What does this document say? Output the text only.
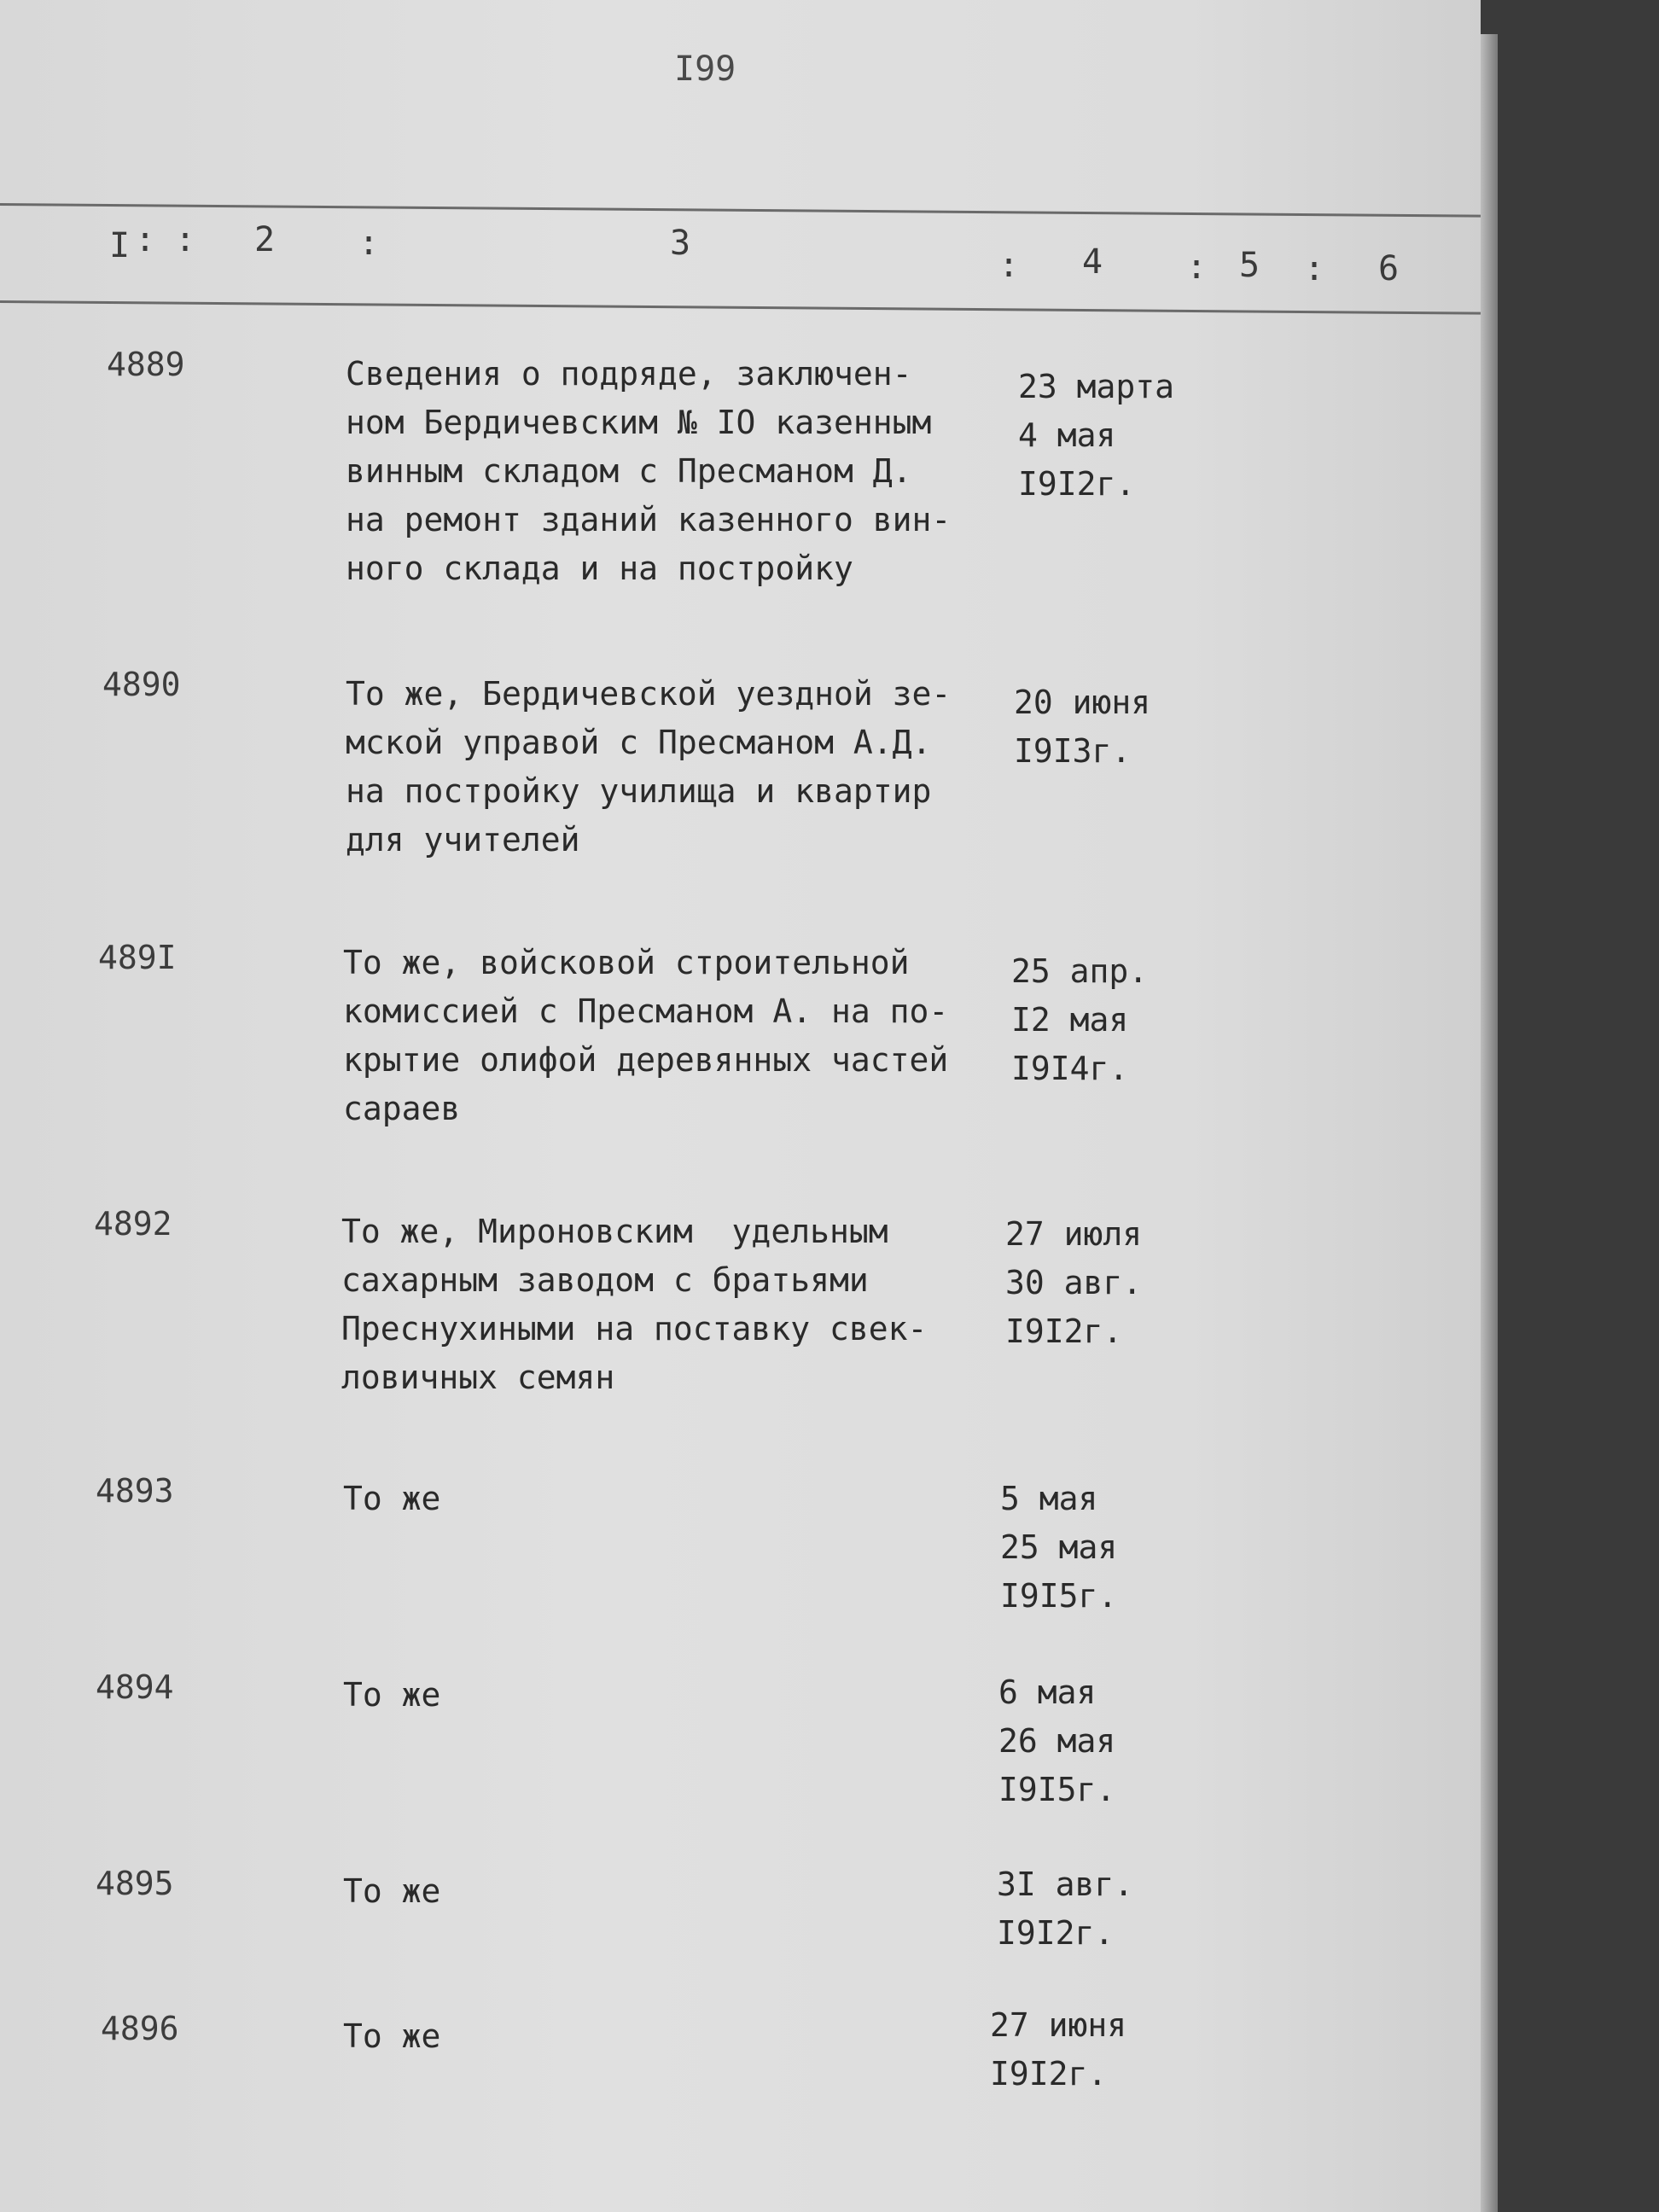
I99
I : : 2 :	3
: 4 : 5 : 6
4889	Сведения о подряде, заключен-
ном Бердичевским № IO казенным
винным складом с Пресманом Д.
на ремонт зданий казенного вин-
ного склада и на постройку
23 марта
4 мая
I9I2г.
4890	То же, Бердичевской уездной зе-
мской управой с Пресманом А.Д.
на постройку училища и квартир
для учителей
20 июня
I9I3г.
489I	То же, войсковой строительной
комиссией с Пресманом А. на по-
крытие олифой деревянных частей
сараев
25 апр.
I2 мая
I9I4г.
4892	То же, Мироновским  удельным
сахарным заводом с братьями
Преснухиными на поставку свек-
ловичных семян
27 июля
30 авг.
I9I2г.
4893	То же	5 мая
25 мая
I9I5г.
4894	То же	6 мая
26 мая
I9I5г.
4895	То же	3I авг.
I9I2г.
4896	То же	27 июня
I9I2г.
